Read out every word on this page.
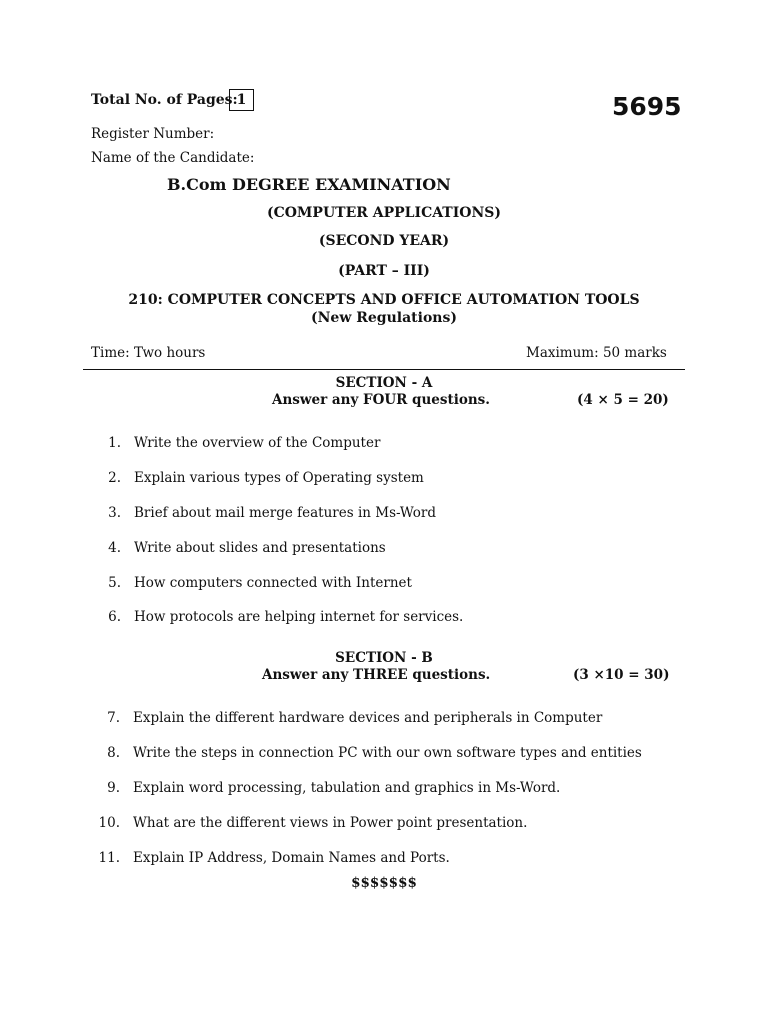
Total No. of Pages:
1	5695
Register Number:
Name of the Candidate:
B.Com DEGREE EXAMINATION
(COMPUTER APPLICATIONS)
(SECOND YEAR)
(PART – III)
210: COMPUTER CONCEPTS AND OFFICE AUTOMATION TOOLS
(New Regulations)
Time: Two hours	Maximum: 50 marks
SECTION - A
Answer any FOUR questions.	(4 × 5 = 20)
1. Write the overview of the Computer
2. Explain various types of Operating system
3. Brief about mail merge features in Ms-Word
4. Write about slides and presentations
5. How computers connected with Internet
6. How protocols are helping internet for services.
SECTION - B
Answer any THREE questions.	(3 ×10 = 30)
7. Explain the different hardware devices and peripherals in Computer
8. Write the steps in connection PC with our own software types and entities
9. Explain word processing, tabulation and graphics in Ms-Word.
10. What are the different views in Power point presentation.
11. Explain IP Address, Domain Names and Ports.
$$$$$$$
